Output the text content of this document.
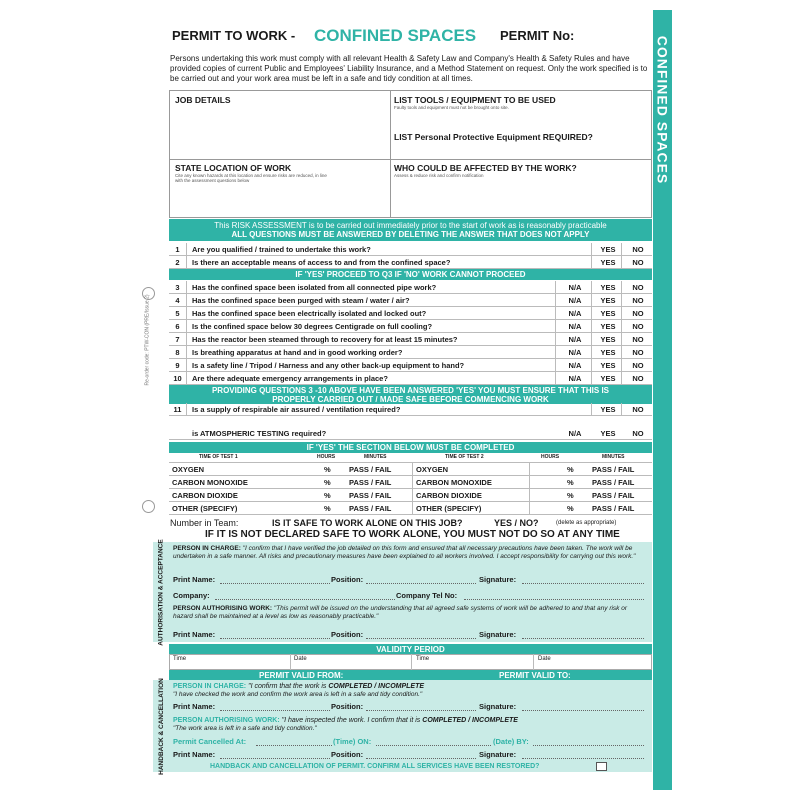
CONFINED SPACES
Re-order code: PTW-CON (PRE/Issue 2)
PERMIT TO WORK - CONFINED SPACES PERMIT No:
Persons undertaking this work must comply with all relevant Health & Safety Law and Company's Health & Safety Rules and have provided copies of current Public and Employees' Liability Insurance, and a Method Statement on request. Only the work specified is to be carried out and your work area must be left in a safe and tidy condition at all times.
JOB DETAILS	LIST TOOLS / EQUIPMENT TO BE USED
Faulty tools and equipment must not be brought onto site.
LIST Personal Protective Equipment REQUIRED?
STATE LOCATION OF WORK
Cite any known hazards at this location and ensure risks are reduced, in line with the assessment questions below
WHO COULD BE AFFECTED BY THE WORK?
Assess & reduce risk and confirm notification
This RISK ASSESSMENT is to be carried out immediately prior to the start of work as is reasonably practicable
ALL QUESTIONS MUST BE ANSWERED BY DELETING THE ANSWER THAT DOES NOT APPLY
1	Are you qualified / trained to undertake this work?	YES	NO
2	Is there an acceptable means of access to and from the confined space?	YES	NO
IF 'YES' PROCEED TO Q3 IF 'NO' WORK CANNOT PROCEED
3	Has the confined space been isolated from all connected pipe work?	N/A	YES	NO
4	Has the confined space been purged with steam / water / air?	N/A	YES	NO
5	Has the confined space been electrically isolated and locked out?	N/A	YES	NO
6	Is the confined space below 30 degrees Centigrade on full cooling?	N/A	YES	NO
7	Has the reactor been steamed through to recovery for at least 15 minutes?	N/A	YES	NO
8	Is breathing apparatus at hand and in good working order?	N/A	YES	NO
9	Is a safety line / Tripod / Harness and any other back-up equipment to hand?	N/A	YES	NO
10	Are there adequate emergency arrangements in place?	N/A	YES	NO
PROVIDING QUESTIONS 3 -10 ABOVE HAVE BEEN ANSWERED 'YES' YOU MUST ENSURE THAT THIS IS
PROPERLY CARRIED OUT / MADE SAFE BEFORE COMMENCING WORK
11	Is a supply of respirable air assured / ventilation required?	YES	NO
is ATMOSPHERIC TESTING required?	N/A	YES	NO
IF 'YES' THE SECTION BELOW MUST BE COMPLETED
TIME OF TEST 1	HOURS	MINUTES	TIME OF TEST 2	HOURS	MINUTES
OXYGEN	% PASS / FAIL	OXYGEN	% PASS / FAIL
CARBON MONOXIDE	% PASS / FAIL	CARBON MONOXIDE	% PASS / FAIL
CARBON DIOXIDE	% PASS / FAIL	CARBON DIOXIDE	% PASS / FAIL
OTHER (SPECIFY)	% PASS / FAIL	OTHER (SPECIFY)	% PASS / FAIL
Number in Team:	IS IT SAFE TO WORK ALONE ON THIS JOB?	YES / NO?	(delete as appropriate)
IF IT IS NOT DECLARED SAFE TO WORK ALONE, YOU MUST NOT DO SO AT ANY TIME
AUTHORISATION & ACCEPTANCE PERSON IN CHARGE: "I confirm that I have verified the job detailed on this form and ensured that all necessary precautions have been taken. The work will be undertaken in a safe manner. All risks and precautionary measures have been explained to all workers involved. I accept responsibility for carrying out this work."
Print Name:	Position:	Signature:
Company:	Company Tel No:
PERSON AUTHORISING WORK: "This permit will be issued on the understanding that all agreed safe systems of work will be adhered to and that any risk or hazard shall be maintained at a level as low as reasonably practicable."
Print Name:	Position:	Signature:
VALIDITY PERIOD
Time	Date	Time	Date
PERMIT VALID FROM:	PERMIT VALID TO:
HANDBACK & CANCELLATION PERSON IN CHARGE: "I confirm that the work is COMPLETED / INCOMPLETE
"I have checked the work and confirm the work area is left in a safe and tidy condition."
Print Name:	Position:	Signature:
PERSON AUTHORISING WORK: "I have inspected the work. I confirm that it is COMPLETED / INCOMPLETE
"The work area is left in a safe and tidy condition."
Permit Cancelled At:	(Time) ON:	(Date) BY:
Print Name:	Position:	Signature:
HANDBACK AND CANCELLATION OF PERMIT. CONFIRM ALL SERVICES HAVE BEEN RESTORED?
